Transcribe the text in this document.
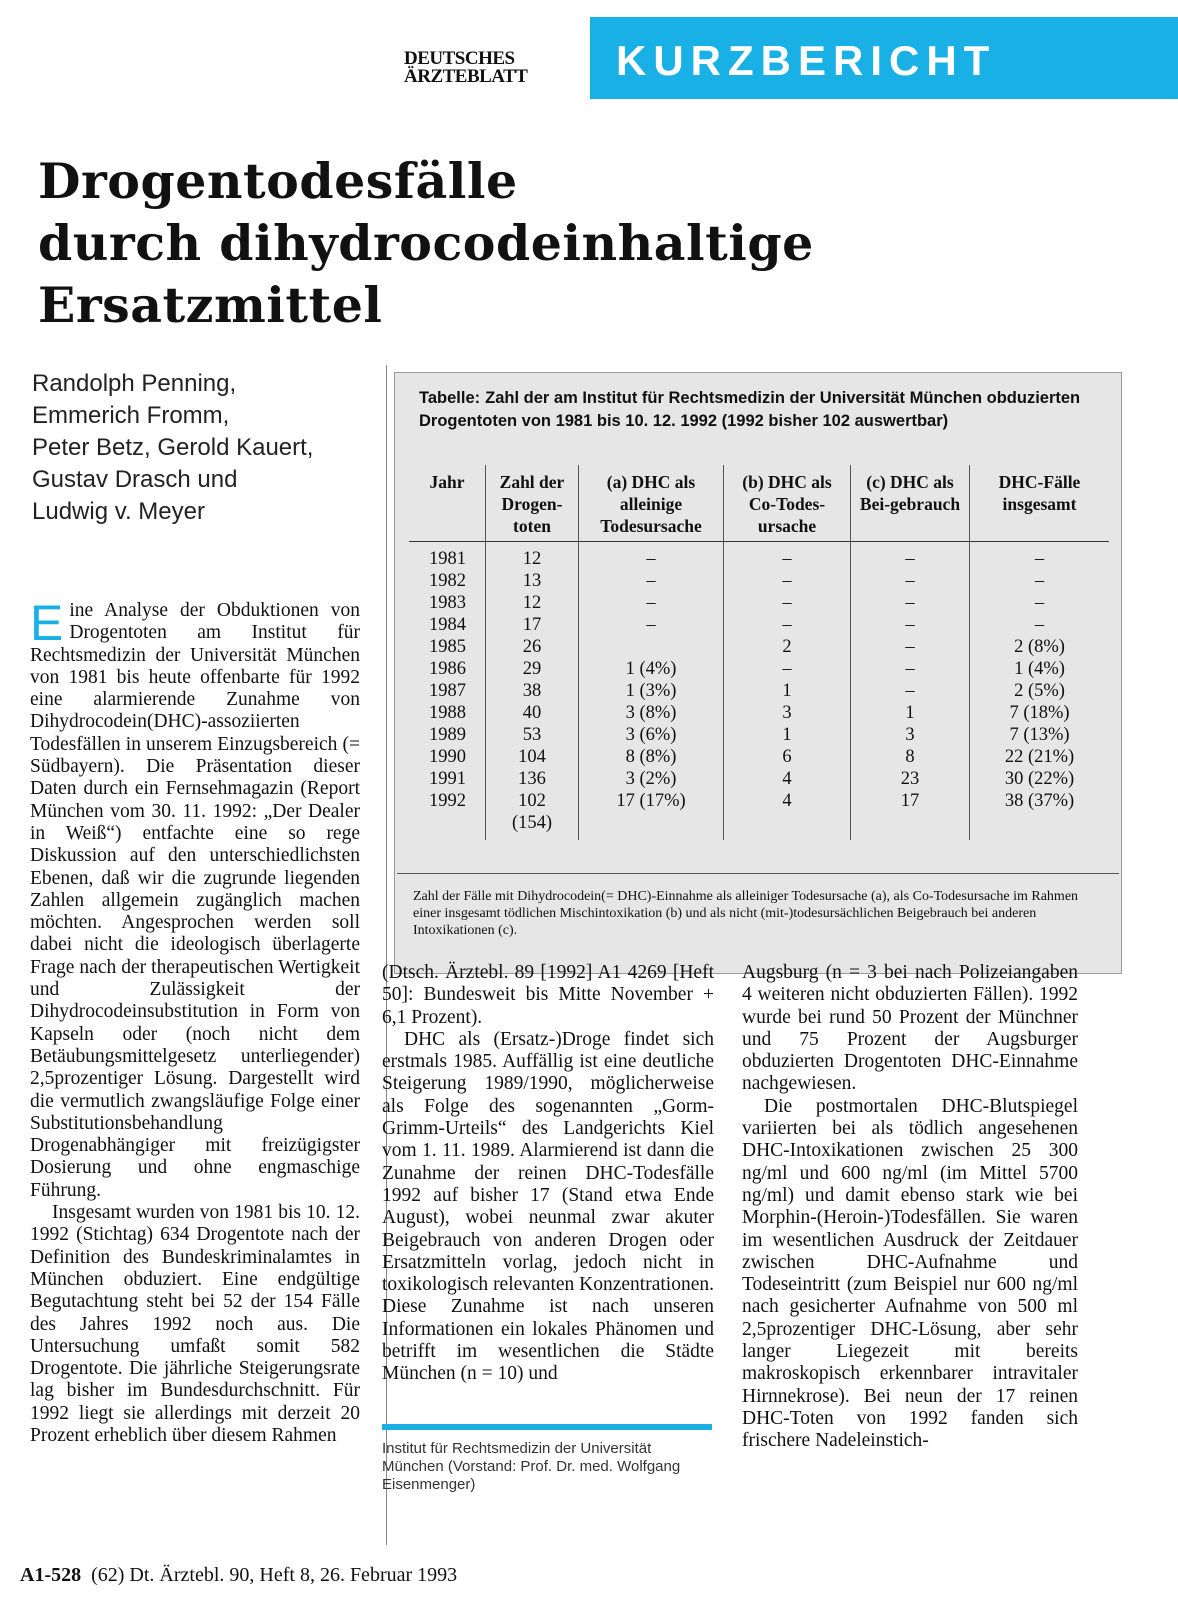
DEUTSCHES
ÄRZTEBLATT	KURZBERICHT
Drogentodesfälle
durch dihydrocodeinhaltige
Ersatzmittel
Randolph Penning,
Emmerich Fromm,
Peter Betz, Gerold Kauert,
Gustav Drasch und
Ludwig v. Meyer

Tabelle: Zahl der am Institut für Rechtsmedizin der Universität München obduzierten Drogentoten von 1981 bis 10. 12. 1992 (1992 bisher 102 auswertbar)

Jahr	Zahl der Drogen-toten	(a) DHC als alleinige Todesursache	(b) DHC als Co-Todes-ursache	(c) DHC als Bei-gebrauch	DHC-Fälle insgesamt
1981	12	–	–	–	–
1982	13	–	–	–	–
1983	12	–	–	–	–
1984	17	–	–	–	–
1985	26		2	–	2 (8%)
1986	29	1 (4%)	–	–	1 (4%)
1987	38	1 (3%)	1	–	2 (5%)
1988	40	3 (8%)	3	1	7 (18%)
1989	53	3 (6%)	1	3	7 (13%)
1990	104	8 (8%)	6	8	22 (21%)
1991	136	3 (2%)	4	23	30 (22%)
1992	102	17 (17%)	4	17	38 (37%)
	(154)				

Zahl der Fälle mit Dihydrocodein(= DHC)-Einnahme als alleiniger Todesursache (a), als Co-Todesursache im Rahmen einer insgesamt tödlichen Mischintoxikation (b) und als nicht (mit-)todesursächlichen Beigebrauch bei anderen Intoxikationen (c).

Eine Analyse der Obduktionen von Drogentoten am Institut für Rechtsmedizin der Universität München von 1981 bis heute offenbarte für 1992 eine alarmierende Zunahme von Dihydrocodein(DHC)-assoziierten Todesfällen in unserem Einzugsbereich (= Südbayern). Die Präsentation dieser Daten durch ein Fernsehmagazin (Report München vom 30. 11. 1992: „Der Dealer in Weiß“) entfachte eine so rege Diskussion auf den unterschiedlichsten Ebenen, daß wir die zugrunde liegenden Zahlen allgemein zugänglich machen möchten. Angesprochen werden soll dabei nicht die ideologisch überlagerte Frage nach der therapeutischen Wertigkeit und Zulässigkeit der Dihydrocodeinsubstitution in Form von Kapseln oder (noch nicht dem Betäubungsmittelgesetz unterliegender) 2,5prozentiger Lösung. Dargestellt wird die vermutlich zwangsläufige Folge einer Substitutionsbehandlung Drogenabhängiger mit freizügigster Dosierung und ohne engmaschige Führung.

Insgesamt wurden von 1981 bis 10. 12. 1992 (Stichtag) 634 Drogentote nach der Definition des Bundeskriminalamtes in München obduziert. Eine endgültige Begutachtung steht bei 52 der 154 Fälle des Jahres 1992 noch aus. Die Untersuchung umfaßt somit 582 Drogentote. Die jährliche Steigerungsrate lag bisher im Bundesdurchschnitt. Für 1992 liegt sie allerdings mit derzeit 20 Prozent erheblich über diesem Rahmen

(Dtsch. Ärztebl. 89 [1992] A1 4269 [Heft 50]: Bundesweit bis Mitte November + 6,1 Prozent).

DHC als (Ersatz-)Droge findet sich erstmals 1985. Auffällig ist eine deutliche Steigerung 1989/1990, möglicherweise als Folge des sogenannten „Gorm-Grimm-Urteils“ des Landgerichts Kiel vom 1. 11. 1989. Alarmierend ist dann die Zunahme der reinen DHC-Todesfälle 1992 auf bisher 17 (Stand etwa Ende August), wobei neunmal zwar akuter Beigebrauch von anderen Drogen oder Ersatzmitteln vorlag, jedoch nicht in toxikologisch relevanten Konzentrationen. Diese Zunahme ist nach unseren Informationen ein lokales Phänomen und betrifft im wesentlichen die Städte München (n = 10) und

Augsburg (n = 3 bei nach Polizeiangaben 4 weiteren nicht obduzierten Fällen). 1992 wurde bei rund 50 Prozent der Münchner und 75 Prozent der Augsburger obduzierten Drogentoten DHC-Einnahme nachgewiesen.

Die postmortalen DHC-Blutspiegel variierten bei als tödlich angesehenen DHC-Intoxikationen zwischen 25 300 ng/ml und 600 ng/ml (im Mittel 5700 ng/ml) und damit ebenso stark wie bei Morphin-(Heroin-)Todesfällen. Sie waren im wesentlichen Ausdruck der Zeitdauer zwischen DHC-Aufnahme und Todeseintritt (zum Beispiel nur 600 ng/ml nach gesicherter Aufnahme von 500 ml 2,5prozentiger DHC-Lösung, aber sehr langer Liegezeit mit bereits makroskopisch erkennbarer intravitaler Hirnnekrose). Bei neun der 17 reinen DHC-Toten von 1992 fanden sich frischere Nadeleinstich-

Institut für Rechtsmedizin der Universität München (Vorstand: Prof. Dr. med. Wolfgang Eisenmenger)

A1-528  (62) Dt. Ärztebl. 90, Heft 8, 26. Februar 1993
